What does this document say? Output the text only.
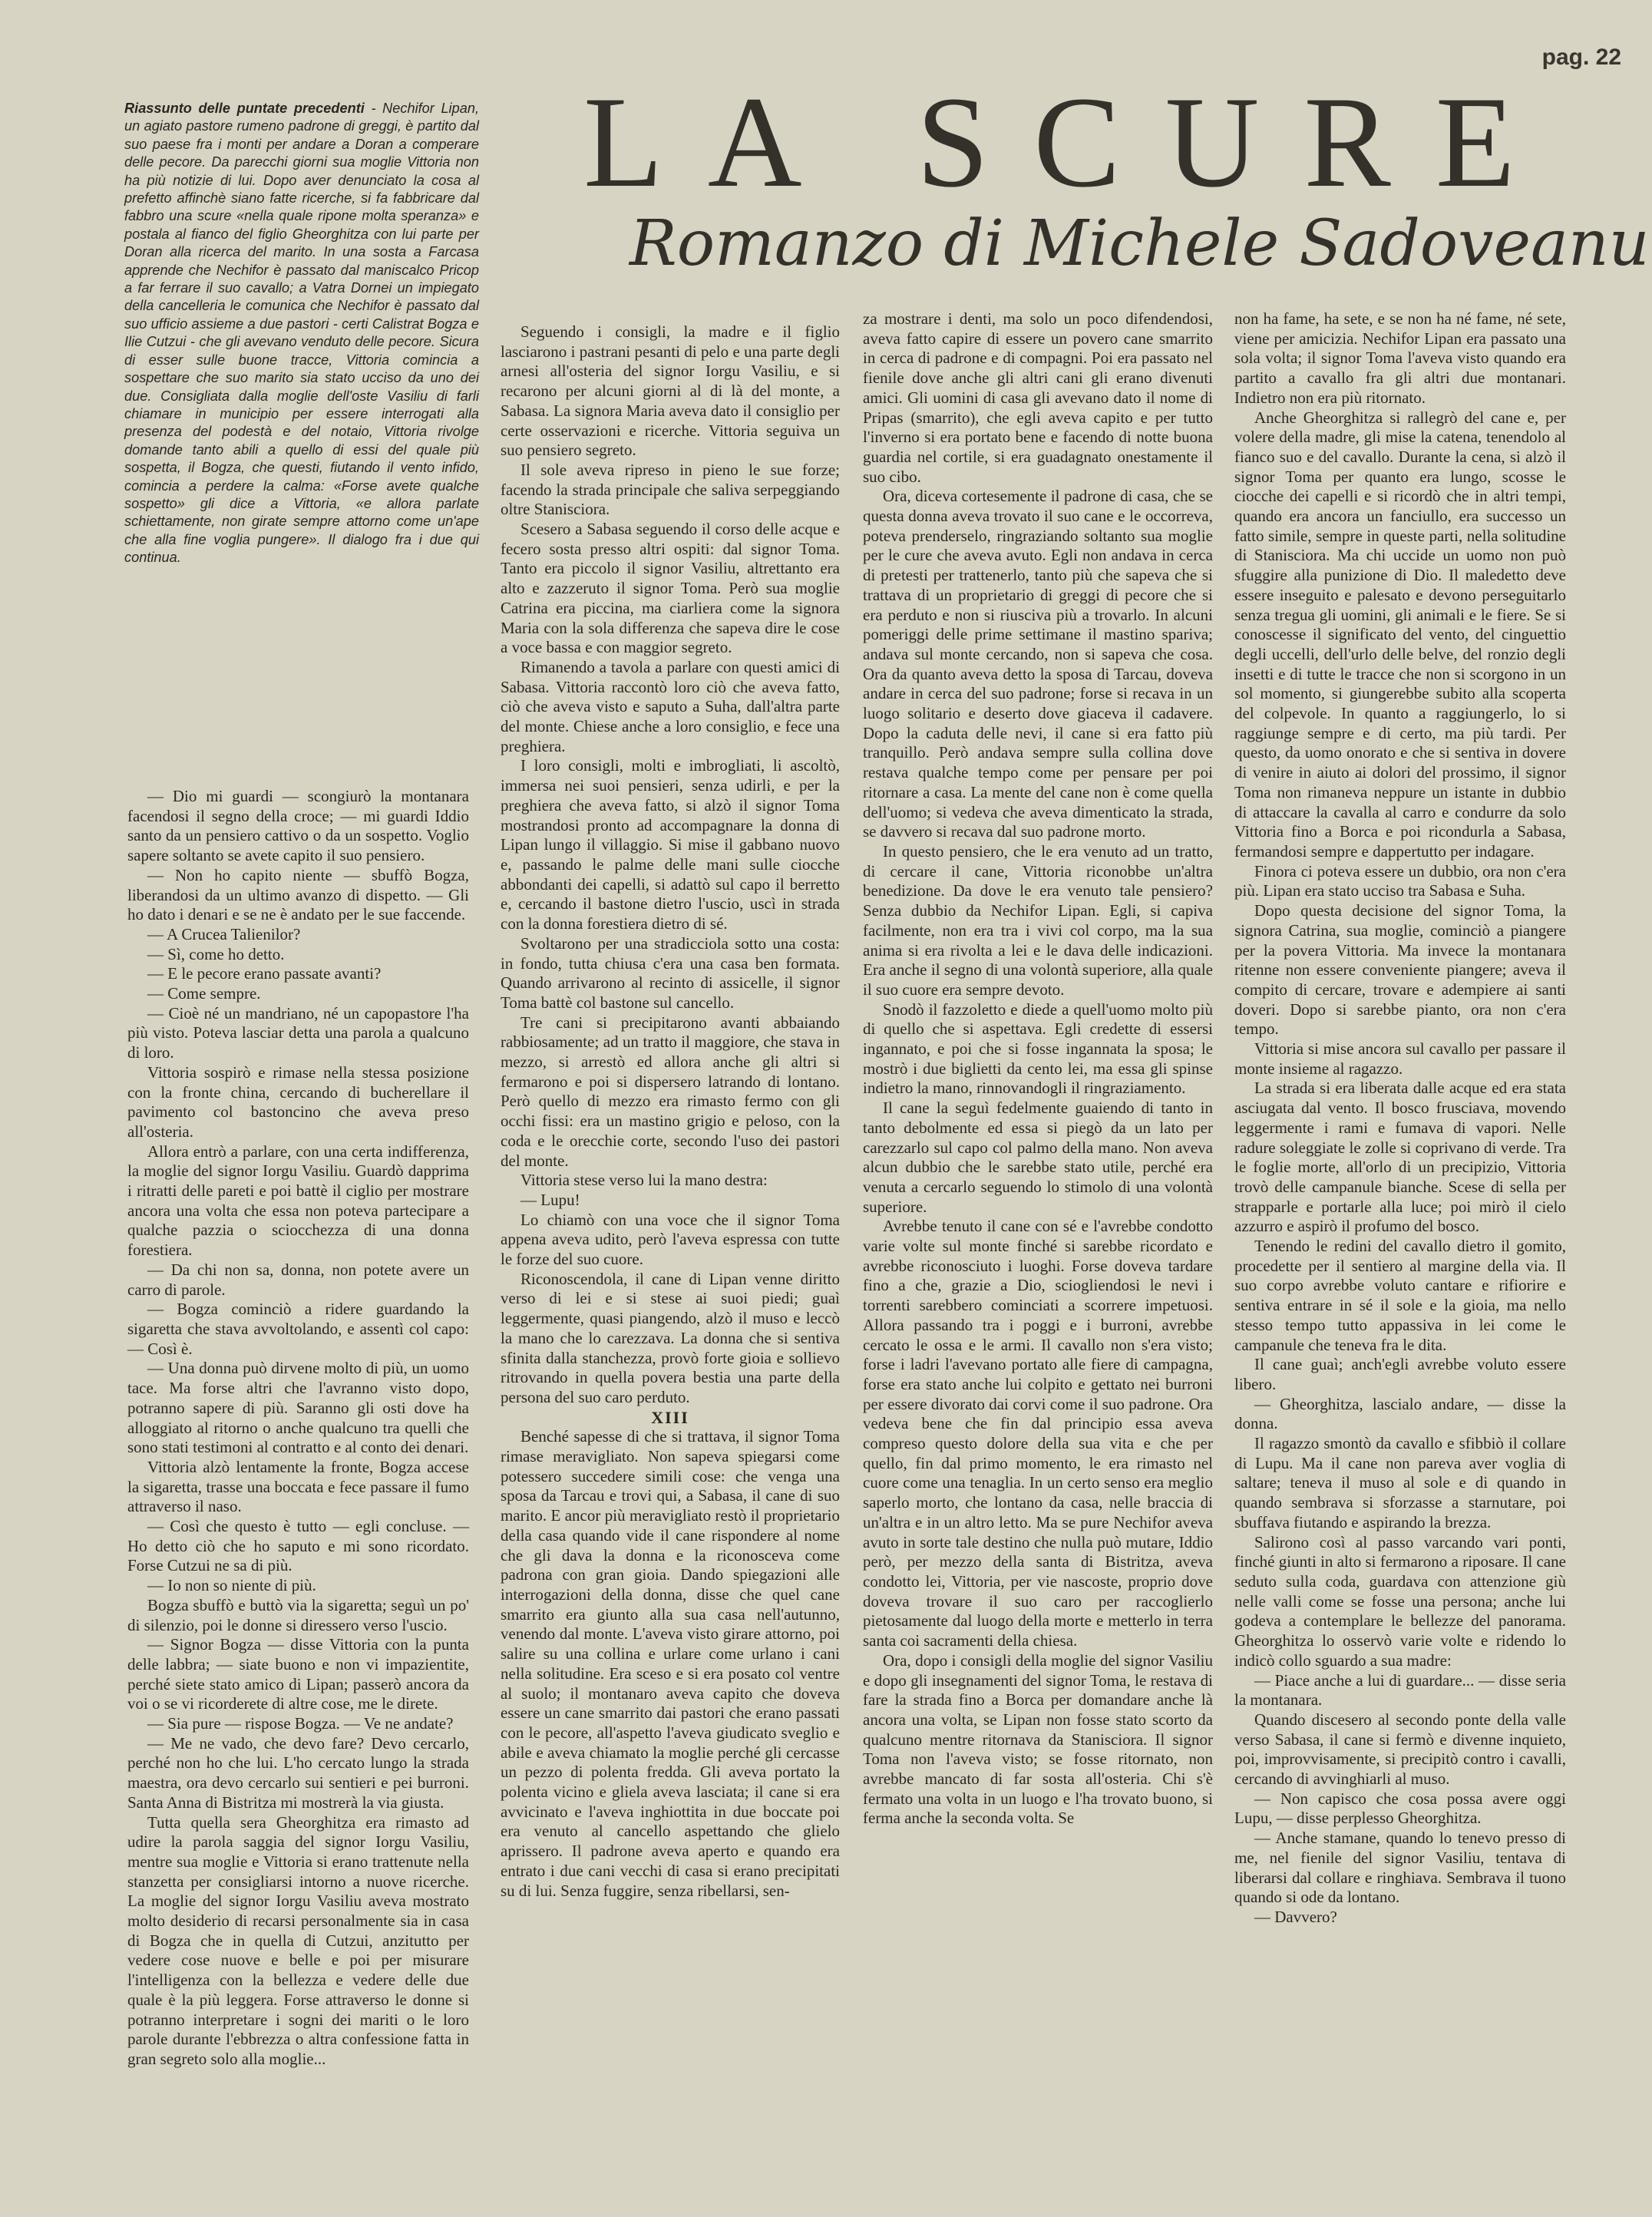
pag. 22
Riassunto delle puntate precedenti - Nechifor Lipan, un agiato pastore rumeno padrone di greggi, è partito dal suo paese fra i monti per andare a Doran a comperare delle pecore. Da parecchi giorni sua moglie Vittoria non ha più notizie di lui. Dopo aver denunciato la cosa al prefetto affinchè siano fatte ricerche, si fa fabbricare dal fabbro una scure «nella quale ripone molta speranza» e postala al fianco del figlio Gheorghitza con lui parte per Doran alla ricerca del marito. In una sosta a Farcasa apprende che Nechifor è passato dal maniscalco Pricop a far ferrare il suo cavallo; a Vatra Dornei un impiegato della cancelleria le comunica che Nechifor è passato dal suo ufficio assieme a due pastori - certi Calistrat Bogza e Ilie Cutzui - che gli avevano venduto delle pecore. Sicura di esser sulle buone tracce, Vittoria comincia a sospettare che suo marito sia stato ucciso da uno dei due. Consigliata dalla moglie dell'oste Vasiliu di farli chiamare in municipio per essere interrogati alla presenza del podestà e del notaio, Vittoria rivolge domande tanto abili a quello di essi del quale più sospetta, il Bogza, che questi, fiutando il vento infido, comincia a perdere la calma: «Forse avete qualche sospetto» gli dice a Vittoria, «e allora parlate schiettamente, non girate sempre attorno come un'ape che alla fine voglia pungere». Il dialogo fra i due qui continua.
LA SCURE
Romanzo di Michele Sadoveanu

— Dio mi guardi — scongiurò la montanara facendosi il segno della croce; — mi guardi Iddio santo da un pensiero cattivo o da un sospetto. Voglio sapere soltanto se avete capito il suo pensiero.

— Non ho capito niente — sbuffò Bogza, liberandosi da un ultimo avanzo di dispetto. — Gli ho dato i denari e se ne è andato per le sue faccende.

— A Crucea Talienilor?

— Sì, come ho detto.

— E le pecore erano passate avanti?

— Come sempre.

— Cioè né un mandriano, né un capopastore l'ha più visto. Poteva lasciar detta una parola a qualcuno di loro.

Vittoria sospirò e rimase nella stessa posizione con la fronte china, cercando di bucherellare il pavimento col bastoncino che aveva preso all'osteria.

Allora entrò a parlare, con una certa indifferenza, la moglie del signor Iorgu Vasiliu. Guardò dapprima i ritratti delle pareti e poi battè il ciglio per mostrare ancora una volta che essa non poteva partecipare a qualche pazzia o sciocchezza di una donna forestiera.

— Da chi non sa, donna, non potete avere un carro di parole.

— Bogza cominciò a ridere guardando la sigaretta che stava avvoltolando, e assentì col capo: — Così è.

— Una donna può dirvene molto di più, un uomo tace. Ma forse altri che l'avranno visto dopo, potranno sapere di più. Saranno gli osti dove ha alloggiato al ritorno o anche qualcuno tra quelli che sono stati testimoni al contratto e al conto dei denari.

Vittoria alzò lentamente la fronte, Bogza accese la sigaretta, trasse una boccata e fece passare il fumo attraverso il naso.

— Così che questo è tutto — egli concluse. — Ho detto ciò che ho saputo e mi sono ricordato. Forse Cutzui ne sa di più.

— Io non so niente di più.

Bogza sbuffò e buttò via la sigaretta; seguì un po' di silenzio, poi le donne si diressero verso l'uscio.

— Signor Bogza — disse Vittoria con la punta delle labbra; — siate buono e non vi impazientite, perché siete stato amico di Lipan; passerò ancora da voi o se vi ricorderete di altre cose, me le direte.

— Sia pure — rispose Bogza. — Ve ne andate?

— Me ne vado, che devo fare? Devo cercarlo, perché non ho che lui. L'ho cercato lungo la strada maestra, ora devo cercarlo sui sentieri e pei burroni. Santa Anna di Bistritza mi mostrerà la via giusta.

Tutta quella sera Gheorghitza era rimasto ad udire la parola saggia del signor Iorgu Vasiliu, mentre sua moglie e Vittoria si erano trattenute nella stanzetta per consigliarsi intorno a nuove ricerche. La moglie del signor Iorgu Vasiliu aveva mostrato molto desiderio di recarsi personalmente sia in casa di Bogza che in quella di Cutzui, anzitutto per vedere cose nuove e belle e poi per misurare l'intelligenza con la bellezza e vedere delle due quale è la più leggera. Forse attraverso le donne si potranno interpretare i sogni dei mariti o le loro parole durante l'ebbrezza o altra confessione fatta in gran segreto solo alla moglie...

Seguendo i consigli, la madre e il figlio lasciarono i pastrani pesanti di pelo e una parte degli arnesi all'osteria del signor Iorgu Vasiliu, e si recarono per alcuni giorni al di là del monte, a Sabasa. La signora Maria aveva dato il consiglio per certe osservazioni e ricerche. Vittoria seguiva un suo pensiero segreto.

Il sole aveva ripreso in pieno le sue forze; facendo la strada principale che saliva serpeggiando oltre Stanisciora.

Scesero a Sabasa seguendo il corso delle acque e fecero sosta presso altri ospiti: dal signor Toma. Tanto era piccolo il signor Vasiliu, altrettanto era alto e zazzeruto il signor Toma. Però sua moglie Catrina era piccina, ma ciarliera come la signora Maria con la sola differenza che sapeva dire le cose a voce bassa e con maggior segreto.

Rimanendo a tavola a parlare con questi amici di Sabasa. Vittoria raccontò loro ciò che aveva fatto, ciò che aveva visto e saputo a Suha, dall'altra parte del monte. Chiese anche a loro consiglio, e fece una preghiera.

I loro consigli, molti e imbrogliati, li ascoltò, immersa nei suoi pensieri, senza udirli, e per la preghiera che aveva fatto, si alzò il signor Toma mostrandosi pronto ad accompagnare la donna di Lipan lungo il villaggio. Si mise il gabbano nuovo e, passando le palme delle mani sulle ciocche abbondanti dei capelli, si adattò sul capo il berretto e, cercando il bastone dietro l'uscio, uscì in strada con la donna forestiera dietro di sé.

Svoltarono per una stradicciola sotto una costa: in fondo, tutta chiusa c'era una casa ben formata. Quando arrivarono al recinto di assicelle, il signor Toma battè col bastone sul cancello.

Tre cani si precipitarono avanti abbaiando rabbiosamente; ad un tratto il maggiore, che stava in mezzo, si arrestò ed allora anche gli altri si fermarono e poi si dispersero latrando di lontano. Però quello di mezzo era rimasto fermo con gli occhi fissi: era un mastino grigio e peloso, con la coda e le orecchie corte, secondo l'uso dei pastori del monte.

Vittoria stese verso lui la mano destra:

— Lupu!

Lo chiamò con una voce che il signor Toma appena aveva udito, però l'aveva espressa con tutte le forze del suo cuore.

Riconoscendola, il cane di Lipan venne diritto verso di lei e si stese ai suoi piedi; guaì leggermente, quasi piangendo, alzò il muso e leccò la mano che lo carezzava. La donna che si sentiva sfinita dalla stanchezza, provò forte gioia e sollievo ritrovando in quella povera bestia una parte della persona del suo caro perduto.

XIII

Benché sapesse di che si trattava, il signor Toma rimase meravigliato. Non sapeva spiegarsi come potessero succedere simili cose: che venga una sposa da Tarcau e trovi qui, a Sabasa, il cane di suo marito. E ancor più meravigliato restò il proprietario della casa quando vide il cane rispondere al nome che gli dava la donna e la riconosceva come padrona con gran gioia. Dando spiegazioni alle interrogazioni della donna, disse che quel cane smarrito era giunto alla sua casa nell'autunno, venendo dal monte. L'aveva visto girare attorno, poi salire su una collina e urlare come urlano i cani nella solitudine. Era sceso e si era posato col ventre al suolo; il montanaro aveva capito che doveva essere un cane smarrito dai pastori che erano passati con le pecore, all'aspetto l'aveva giudicato sveglio e abile e aveva chiamato la moglie perché gli cercasse un pezzo di polenta fredda. Gli aveva portato la polenta vicino e gliela aveva lasciata; il cane si era avvicinato e l'aveva inghiottita in due boccate poi era venuto al cancello aspettando che glielo aprissero. Il padrone aveva aperto e quando era entrato i due cani vecchi di casa si erano precipitati su di lui. Senza fuggire, senza ribellarsi, sen-

za mostrare i denti, ma solo un poco difendendosi, aveva fatto capire di essere un povero cane smarrito in cerca di padrone e di compagni. Poi era passato nel fienile dove anche gli altri cani gli erano divenuti amici. Gli uomini di casa gli avevano dato il nome di Pripas (smarrito), che egli aveva capito e per tutto l'inverno si era portato bene e facendo di notte buona guardia nel cortile, si era guadagnato onestamente il suo cibo.

Ora, diceva cortesemente il padrone di casa, che se questa donna aveva trovato il suo cane e le occorreva, poteva prenderselo, ringraziando soltanto sua moglie per le cure che aveva avuto. Egli non andava in cerca di pretesti per trattenerlo, tanto più che sapeva che si trattava di un proprietario di greggi di pecore che si era perduto e non si riusciva più a trovarlo. In alcuni pomeriggi delle prime settimane il mastino spariva; andava sul monte cercando, non si sapeva che cosa. Ora da quanto aveva detto la sposa di Tarcau, doveva andare in cerca del suo padrone; forse si recava in un luogo solitario e deserto dove giaceva il cadavere. Dopo la caduta delle nevi, il cane si era fatto più tranquillo. Però andava sempre sulla collina dove restava qualche tempo come per pensare per poi ritornare a casa. La mente del cane non è come quella dell'uomo; si vedeva che aveva dimenticato la strada, se davvero si recava dal suo padrone morto.

In questo pensiero, che le era venuto ad un tratto, di cercare il cane, Vittoria riconobbe un'altra benedizione. Da dove le era venuto tale pensiero? Senza dubbio da Nechifor Lipan. Egli, si capiva facilmente, non era tra i vivi col corpo, ma la sua anima si era rivolta a lei e le dava delle indicazioni. Era anche il segno di una volontà superiore, alla quale il suo cuore era sempre devoto.

Snodò il fazzoletto e diede a quell'uomo molto più di quello che si aspettava. Egli credette di essersi ingannato, e poi che si fosse ingannata la sposa; le mostrò i due biglietti da cento lei, ma essa gli spinse indietro la mano, rinnovandogli il ringraziamento.

Il cane la seguì fedelmente guaiendo di tanto in tanto debolmente ed essa si piegò da un lato per carezzarlo sul capo col palmo della mano. Non aveva alcun dubbio che le sarebbe stato utile, perché era venuta a cercarlo seguendo lo stimolo di una volontà superiore.

Avrebbe tenuto il cane con sé e l'avrebbe condotto varie volte sul monte finché si sarebbe ricordato e avrebbe riconosciuto i luoghi. Forse doveva tardare fino a che, grazie a Dio, sciogliendosi le nevi i torrenti sarebbero cominciati a scorrere impetuosi. Allora passando tra i poggi e i burroni, avrebbe cercato le ossa e le armi. Il cavallo non s'era visto; forse i ladri l'avevano portato alle fiere di campagna, forse era stato anche lui colpito e gettato nei burroni per essere divorato dai corvi come il suo padrone. Ora vedeva bene che fin dal principio essa aveva compreso questo dolore della sua vita e che per quello, fin dal primo momento, le era rimasto nel cuore come una tenaglia. In un certo senso era meglio saperlo morto, che lontano da casa, nelle braccia di un'altra e in un altro letto. Ma se pure Nechifor aveva avuto in sorte tale destino che nulla può mutare, Iddio però, per mezzo della santa di Bistritza, aveva condotto lei, Vittoria, per vie nascoste, proprio dove doveva trovare il suo caro per raccoglierlo pietosamente dal luogo della morte e metterlo in terra santa coi sacramenti della chiesa.

Ora, dopo i consigli della moglie del signor Vasiliu e dopo gli insegnamenti del signor Toma, le restava di fare la strada fino a Borca per domandare anche là ancora una volta, se Lipan non fosse stato scorto da qualcuno mentre ritornava da Stanisciora. Il signor Toma non l'aveva visto; se fosse ritornato, non avrebbe mancato di far sosta all'osteria. Chi s'è fermato una volta in un luogo e l'ha trovato buono, si ferma anche la seconda volta. Se

non ha fame, ha sete, e se non ha né fame, né sete, viene per amicizia. Nechifor Lipan era passato una sola volta; il signor Toma l'aveva visto quando era partito a cavallo fra gli altri due montanari. Indietro non era più ritornato.

Anche Gheorghitza si rallegrò del cane e, per volere della madre, gli mise la catena, tenendolo al fianco suo e del cavallo. Durante la cena, si alzò il signor Toma per quanto era lungo, scosse le ciocche dei capelli e si ricordò che in altri tempi, quando era ancora un fanciullo, era successo un fatto simile, sempre in queste parti, nella solitudine di Stanisciora. Ma chi uccide un uomo non può sfuggire alla punizione di Dio. Il maledetto deve essere inseguito e palesato e devono perseguitarlo senza tregua gli uomini, gli animali e le fiere. Se si conoscesse il significato del vento, del cinguettio degli uccelli, dell'urlo delle belve, del ronzio degli insetti e di tutte le tracce che non si scorgono in un sol momento, si giungerebbe subito alla scoperta del colpevole. In quanto a raggiungerlo, lo si raggiunge sempre e di certo, ma più tardi. Per questo, da uomo onorato e che si sentiva in dovere di venire in aiuto ai dolori del prossimo, il signor Toma non rimaneva neppure un istante in dubbio di attaccare la cavalla al carro e condurre da solo Vittoria fino a Borca e poi ricondurla a Sabasa, fermandosi sempre e dappertutto per indagare.

Finora ci poteva essere un dubbio, ora non c'era più. Lipan era stato ucciso tra Sabasa e Suha.

Dopo questa decisione del signor Toma, la signora Catrina, sua moglie, cominciò a piangere per la povera Vittoria. Ma invece la montanara ritenne non essere conveniente piangere; aveva il compito di cercare, trovare e adempiere ai santi doveri. Dopo si sarebbe pianto, ora non c'era tempo.

Vittoria si mise ancora sul cavallo per passare il monte insieme al ragazzo.

La strada si era liberata dalle acque ed era stata asciugata dal vento. Il bosco frusciava, movendo leggermente i rami e fumava di vapori. Nelle radure soleggiate le zolle si coprivano di verde. Tra le foglie morte, all'orlo di un precipizio, Vittoria trovò delle campanule bianche. Scese di sella per strapparle e portarle alla luce; poi mirò il cielo azzurro e aspirò il profumo del bosco.

Tenendo le redini del cavallo dietro il gomito, procedette per il sentiero al margine della via. Il suo corpo avrebbe voluto cantare e rifiorire e sentiva entrare in sé il sole e la gioia, ma nello stesso tempo tutto appassiva in lei come le campanule che teneva fra le dita.

Il cane guaì; anch'egli avrebbe voluto essere libero.

— Gheorghitza, lascialo andare, — disse la donna.

Il ragazzo smontò da cavallo e sfibbiò il collare di Lupu. Ma il cane non pareva aver voglia di saltare; teneva il muso al sole e di quando in quando sembrava si sforzasse a starnutare, poi sbuffava fiutando e aspirando la brezza.

Salirono così al passo varcando vari ponti, finché giunti in alto si fermarono a riposare. Il cane seduto sulla coda, guardava con attenzione giù nelle valli come se fosse una persona; anche lui godeva a contemplare le bellezze del panorama. Gheorghitza lo osservò varie volte e ridendo lo indicò collo sguardo a sua madre:

— Piace anche a lui di guardare... — disse seria la montanara.

Quando discesero al secondo ponte della valle verso Sabasa, il cane si fermò e divenne inquieto, poi, improvvisamente, si precipitò contro i cavalli, cercando di avvinghiarli al muso.

— Non capisco che cosa possa avere oggi Lupu, — disse perplesso Gheorghitza.

— Anche stamane, quando lo tenevo presso di me, nel fienile del signor Vasiliu, tentava di liberarsi dal collare e ringhiava. Sembrava il tuono quando si ode da lontano.

— Davvero?
